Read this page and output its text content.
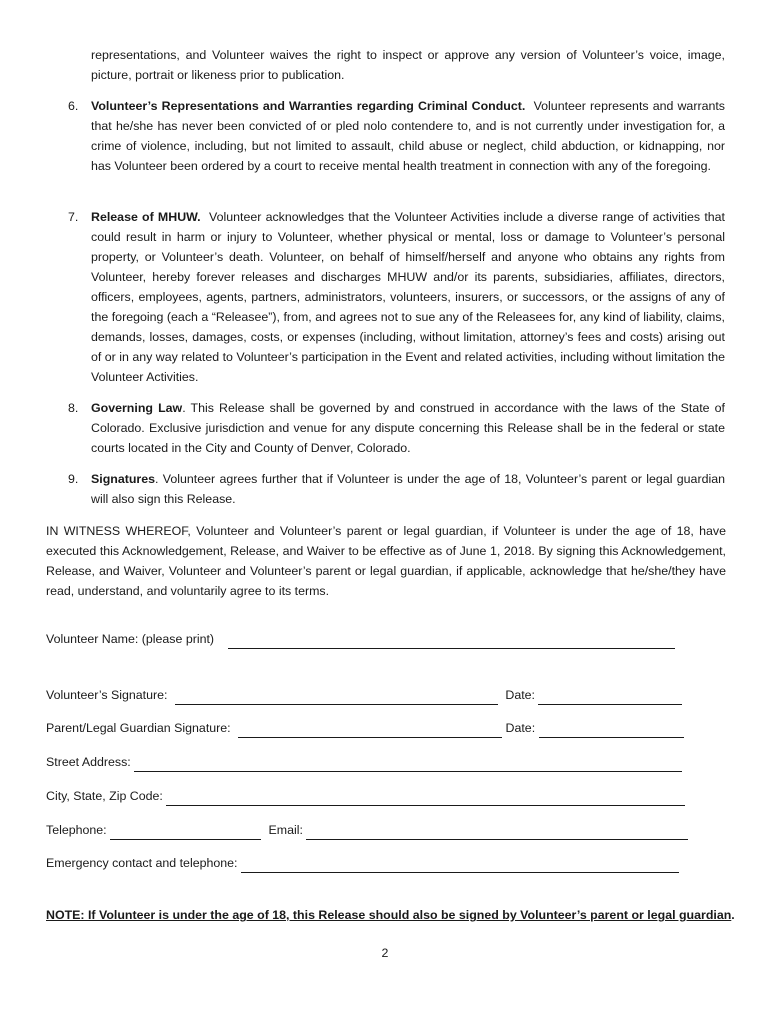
representations, and Volunteer waives the right to inspect or approve any version of Volunteer’s voice, image, picture, portrait or likeness prior to publication.
6. Volunteer’s Representations and Warranties regarding Criminal Conduct. Volunteer represents and warrants that he/she has never been convicted of or pled nolo contendere to, and is not currently under investigation for, a crime of violence, including, but not limited to assault, child abuse or neglect, child abduction, or kidnapping, nor has Volunteer been ordered by a court to receive mental health treatment in connection with any of the foregoing.
7. Release of MHUW. Volunteer acknowledges that the Volunteer Activities include a diverse range of activities that could result in harm or injury to Volunteer, whether physical or mental, loss or damage to Volunteer’s personal property, or Volunteer’s death. Volunteer, on behalf of himself/herself and anyone who obtains any rights from Volunteer, hereby forever releases and discharges MHUW and/or its parents, subsidiaries, affiliates, directors, officers, employees, agents, partners, administrators, volunteers, insurers, or successors, or the assigns of any of the foregoing (each a “Releasee”), from, and agrees not to sue any of the Releasees for, any kind of liability, claims, demands, losses, damages, costs, or expenses (including, without limitation, attorney’s fees and costs) arising out of or in any way related to Volunteer’s participation in the Event and related activities, including without limitation the Volunteer Activities.
8. Governing Law. This Release shall be governed by and construed in accordance with the laws of the State of Colorado. Exclusive jurisdiction and venue for any dispute concerning this Release shall be in the federal or state courts located in the City and County of Denver, Colorado.
9. Signatures. Volunteer agrees further that if Volunteer is under the age of 18, Volunteer’s parent or legal guardian will also sign this Release.
IN WITNESS WHEREOF, Volunteer and Volunteer’s parent or legal guardian, if Volunteer is under the age of 18, have executed this Acknowledgement, Release, and Waiver to be effective as of June 1, 2018. By signing this Acknowledgement, Release, and Waiver, Volunteer and Volunteer’s parent or legal guardian, if applicable, acknowledge that he/she/they have read, understand, and voluntarily agree to its terms.
Volunteer Name: (please print)
Volunteer’s Signature:	Date:
Parent/Legal Guardian Signature:	Date:
Street Address:
City, State, Zip Code:
Telephone:	Email:
Emergency contact and telephone:
NOTE: If Volunteer is under the age of 18, this Release should also be signed by Volunteer’s parent or legal guardian.
2
